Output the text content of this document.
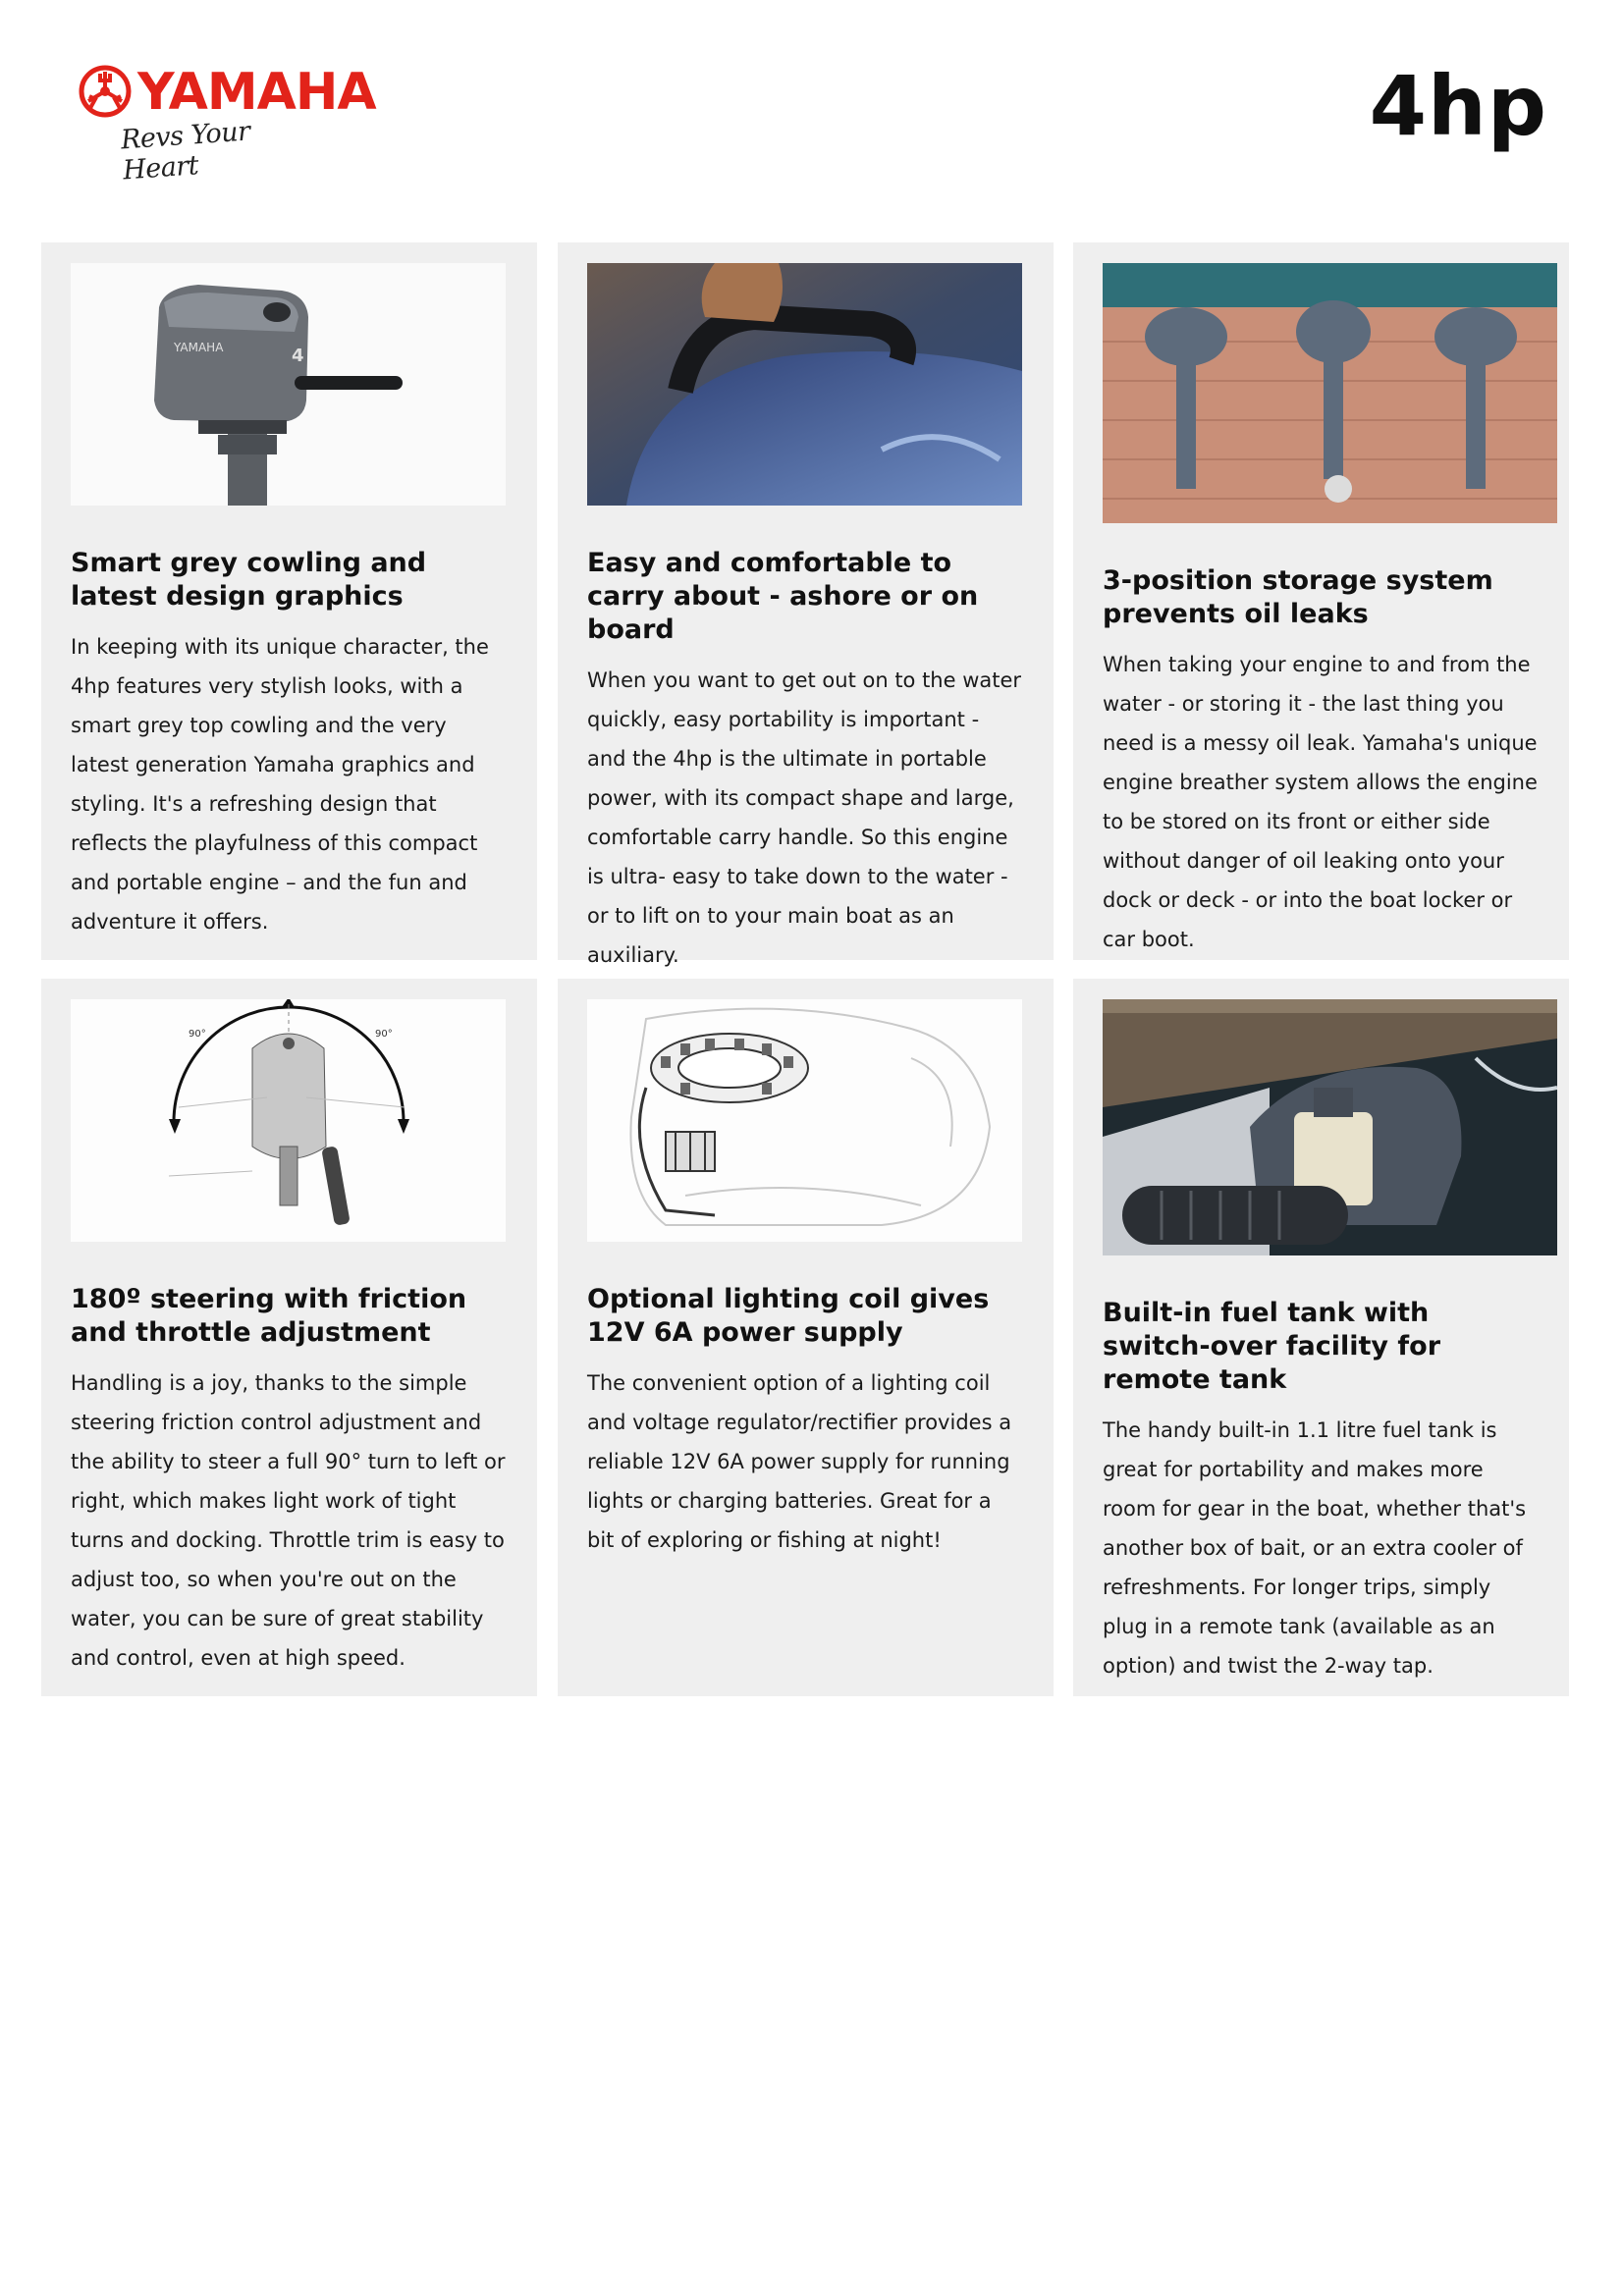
YAMAHA
Revs Your Heart
4hp
YAMAHA	4
Smart grey cowling and latest design graphics

In keeping with its unique character, the 4hp features very stylish looks, with a smart grey top cowling and the very latest generation Yamaha graphics and styling. It's a refreshing design that reflects the playfulness of this compact and portable engine – and the fun and adventure it offers.

Easy and comfortable to carry about - ashore or on board

When you want to get out on to the water quickly, easy portability is important - and the 4hp is the ultimate in portable power, with its compact shape and large, comfortable carry handle. So this engine is ultra- easy to take down to the water - or to lift on to your main boat as an auxiliary.

3-position storage system prevents oil leaks

When taking your engine to and from the water - or storing it - the last thing you need is a messy oil leak. Yamaha's unique engine breather system allows the engine to be stored on its front or either side without danger of oil leaking onto your dock or deck - or into the boat locker or car boot.

90°	90°
180º steering with friction and throttle adjustment

Handling is a joy, thanks to the simple steering friction control adjustment and the ability to steer a full 90° turn to left or right, which makes light work of tight turns and docking. Throttle trim is easy to adjust too, so when you're out on the water, you can be sure of great stability and control, even at high speed.

Optional lighting coil gives 12V 6A power supply

The convenient option of a lighting coil and voltage regulator/rectifier provides a reliable 12V 6A power supply for running lights or charging batteries. Great for a bit of exploring or fishing at night!

Built-in fuel tank with switch-over facility for remote tank

The handy built-in 1.1 litre fuel tank is great for portability and makes more room for gear in the boat, whether that's another box of bait, or an extra cooler of refreshments. For longer trips, simply plug in a remote tank (available as an option) and twist the 2-way tap.
